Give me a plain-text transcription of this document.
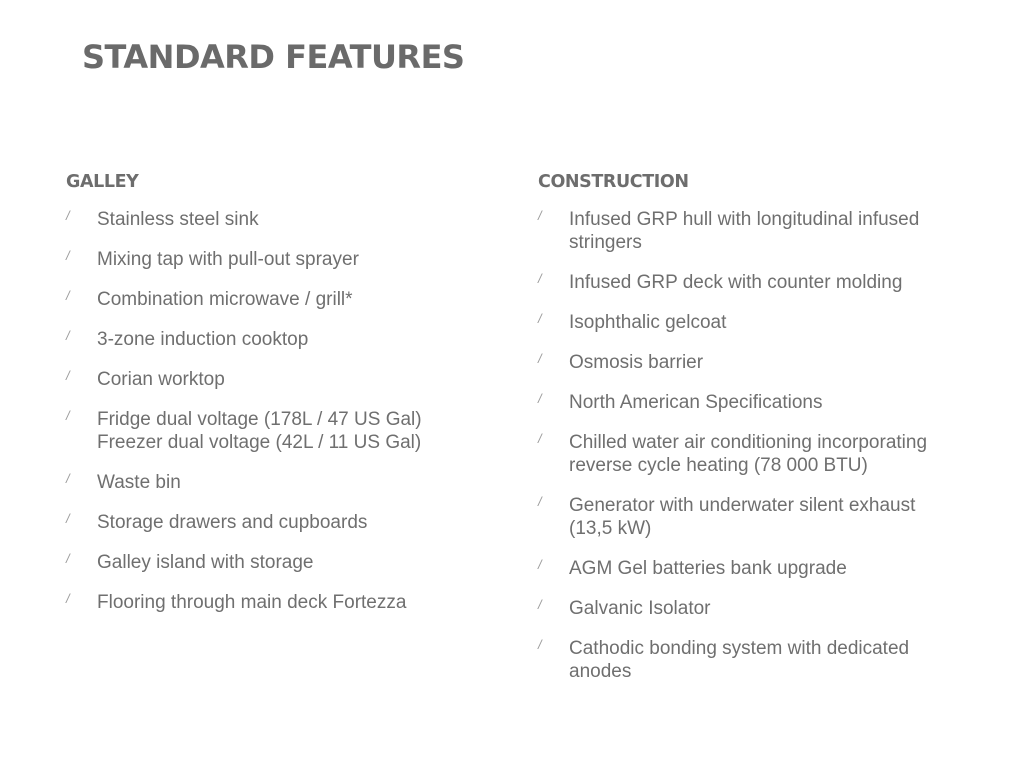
STANDARD FEATURES
GALLEY
/ Stainless steel sink
/ Mixing tap with pull-out sprayer
/ Combination microwave / grill*
/ 3-zone induction cooktop
/ Corian worktop
/ Fridge dual voltage (178L / 47 US Gal)
Freezer dual voltage (42L / 11 US Gal)
/ Waste bin
/ Storage drawers and cupboards
/ Galley island with storage
/ Flooring through main deck Fortezza
CONSTRUCTION
/ Infused GRP hull with longitudinal infused
stringers
/ Infused GRP deck with counter molding
/ Isophthalic gelcoat
/ Osmosis barrier
/ North American Specifications
/ Chilled water air conditioning incorporating
reverse cycle heating (78 000 BTU)
/ Generator with underwater silent exhaust
(13,5 kW)
/ AGM Gel batteries bank upgrade
/ Galvanic Isolator
/ Cathodic bonding system with dedicated
anodes
